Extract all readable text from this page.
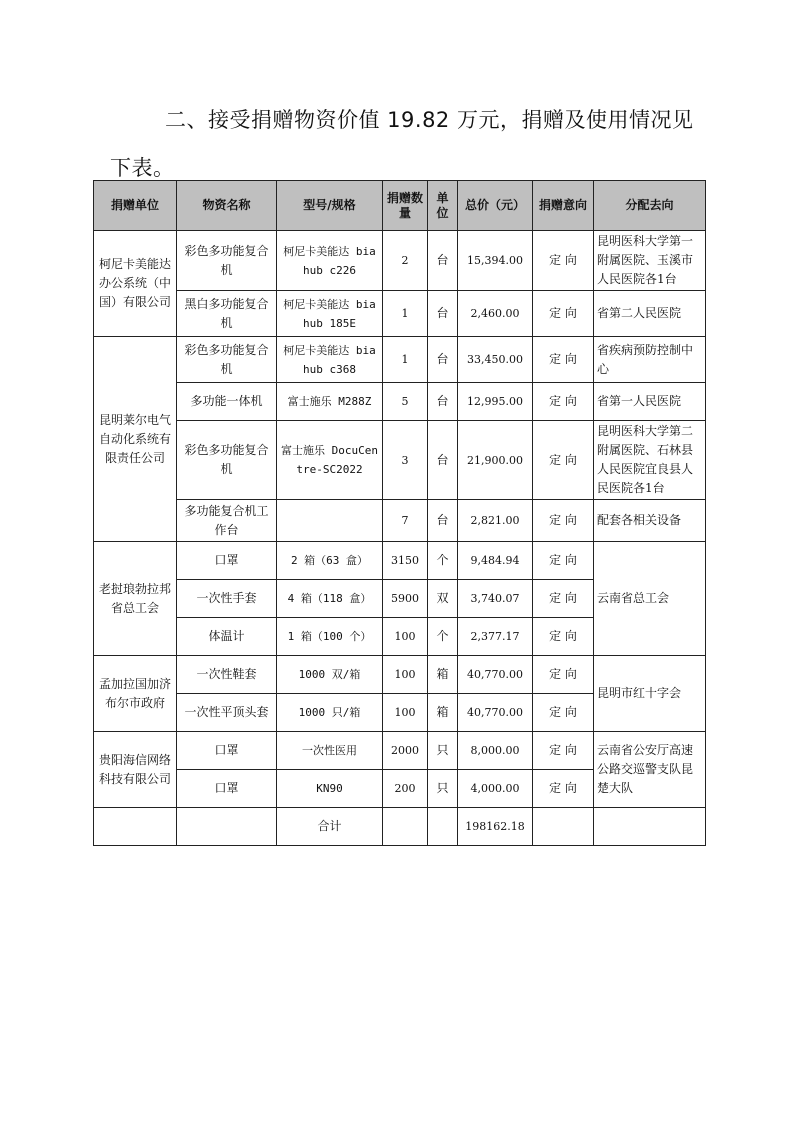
二、接受捐赠物资价值 19.82 万元，捐赠及使用情况见
下表。
捐赠单位	物资名称	型号/规格	捐赠数量	单位	总价（元）	捐赠意向	分配去向
柯尼卡美能达办公系统（中国）有限公司	彩色多功能复合机	柯尼卡美能达 biahub c226	2	台	15,394.00	定 向	昆明医科大学第一附属医院、玉溪市人民医院各1台
	黑白多功能复合机	柯尼卡美能达 biahub 185E	1	台	2,460.00	定 向	省第二人民医院
昆明莱尔电气自动化系统有限责任公司	彩色多功能复合机	柯尼卡美能达 biahub c368	1	台	33,450.00	定 向	省疾病预防控制中心
	多功能一体机	富士施乐 M288Z	5	台	12,995.00	定 向	省第一人民医院
	彩色多功能复合机	富士施乐 DocuCentre-SC2022	3	台	21,900.00	定 向	昆明医科大学第二附属医院、石林县人民医院宜良县人民医院各1台
	多功能复合机工作台		7	台	2,821.00	定 向	配套各相关设备
老挝琅勃拉邦省总工会	口罩	2 箱（63 盒）	3150	个	9,484.94	定 向	云南省总工会
	一次性手套	4 箱（118 盒）	5900	双	3,740.07	定 向	
	体温计	1 箱（100 个）	100	个	2,377.17	定 向	
孟加拉国加济布尔市政府	一次性鞋套	1000 双/箱	100	箱	40,770.00	定 向	昆明市红十字会
	一次性平顶头套	1000 只/箱	100	箱	40,770.00	定 向	
贵阳海信网络科技有限公司	口罩	一次性医用	2000	只	8,000.00	定 向	云南省公安厅高速公路交巡警支队昆楚大队
	口罩	KN90	200	只	4,000.00	定 向	
		合计			198162.18		
